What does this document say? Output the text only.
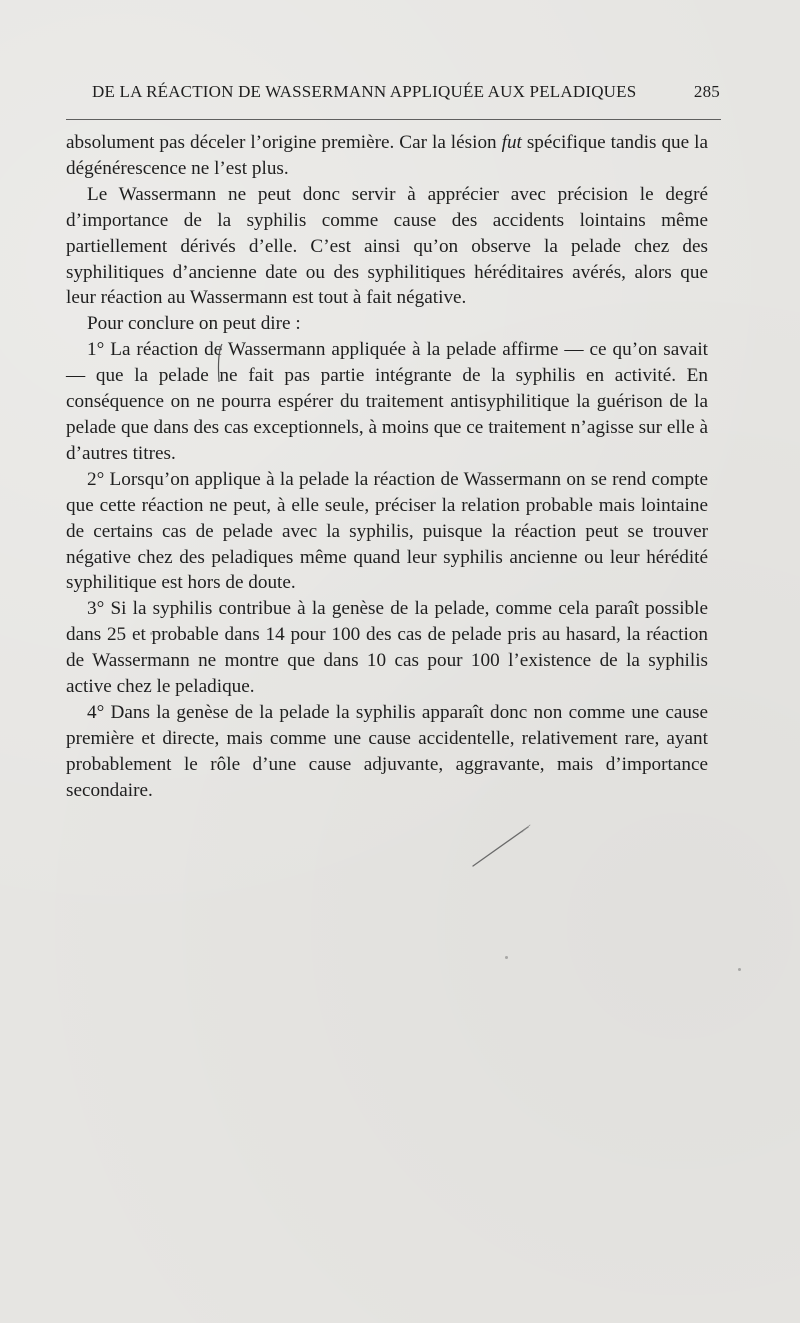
DE LA RÉACTION DE WASSERMANN APPLIQUÉE AUX PELADIQUES	285

absolument pas déceler l’origine première. Car la lésion fut spécifique tandis que la dégénérescence ne l’est plus.

Le Wassermann ne peut donc servir à apprécier avec précision le degré d’importance de la syphilis comme cause des accidents lointains même partiellement dérivés d’elle. C’est ainsi qu’on observe la pelade chez des syphilitiques d’ancienne date ou des syphilitiques héréditaires avérés, alors que leur réaction au Wassermann est tout à fait négative.

Pour conclure on peut dire :

1° La réaction de Wassermann appliquée à la pelade affirme — ce qu’on savait — que la pelade ne fait pas partie intégrante de la syphilis en activité. En conséquence on ne pourra espérer du traitement antisyphilitique la guérison de la pelade que dans des cas exceptionnels, à moins que ce traitement n’agisse sur elle à d’autres titres.

2° Lorsqu’on applique à la pelade la réaction de Wassermann on se rend compte que cette réaction ne peut, à elle seule, préciser la relation probable mais lointaine de certains cas de pelade avec la syphilis, puisque la réaction peut se trouver négative chez des peladiques même quand leur syphilis ancienne ou leur hérédité syphilitique est hors de doute.

3° Si la syphilis contribue à la genèse de la pelade, comme cela paraît possible dans 25 et probable dans 14 pour 100 des cas de pelade pris au hasard, la réaction de Wassermann ne montre que dans 10 cas pour 100 l’existence de la syphilis active chez le peladique.

4° Dans la genèse de la pelade la syphilis apparaît donc non comme une cause première et directe, mais comme une cause accidentelle, relativement rare, ayant probablement le rôle d’une cause adjuvante, aggravante, mais d’importance secondaire.
